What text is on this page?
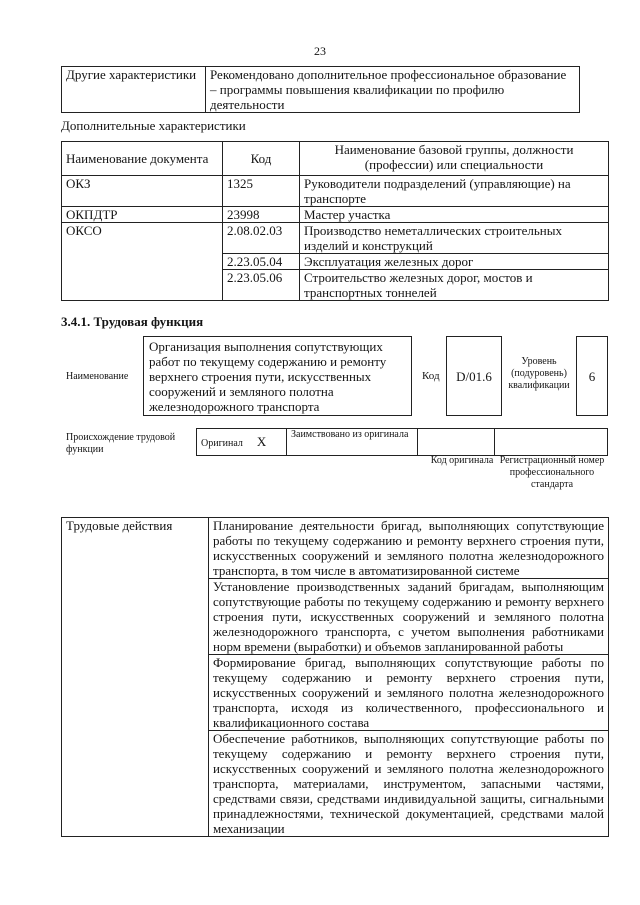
23
Другие характеристики	Рекомендовано дополнительное профессиональное образование – программы повышения квалификации по профилю деятельности
Дополнительные характеристики
Наименование документа	Код	Наименование базовой группы, должности (профессии) или специальности
ОКЗ	1325	Руководители подразделений (управляющие) на транспорте
ОКПДТР	23998	Мастер участка
ОКСО	2.08.02.03	Производство неметаллических строительных изделий и конструкций
	2.23.05.04	Эксплуатация железных дорог
	2.23.05.06	Строительство железных дорог, мостов и транспортных тоннелей
3.4.1. Трудовая функция
Наименование
Организация выполнения сопутствующих работ по текущему содержанию и ремонту верхнего строения пути, искусственных сооружений и земляного полотна железнодорожного транспорта
Код	D/01.6
Уровень (подуровень) квалификации
6
Происхождение трудовой функции
Оригинал X	Заимствовано из оригинала		
Код оригинала Регистрационный номер профессионального стандарта
Трудовые действия	Планирование деятельности бригад, выполняющих сопутствующие работы по текущему содержанию и ремонту верхнего строения пути, искусственных сооружений и земляного полотна железнодорожного транспорта, в том числе в автоматизированной системе
Установление производственных заданий бригадам, выполняющим сопутствующие работы по текущему содержанию и ремонту верхнего строения пути, искусственных сооружений и земляного полотна железнодорожного транспорта, с учетом выполнения работниками норм времени (выработки) и объемов запланированной работы
Формирование бригад, выполняющих сопутствующие работы по текущему содержанию и ремонту верхнего строения пути, искусственных сооружений и земляного полотна железнодорожного транспорта, исходя из количественного, профессионального и квалификационного состава
Обеспечение работников, выполняющих сопутствующие работы по текущему содержанию и ремонту верхнего строения пути, искусственных сооружений и земляного полотна железнодорожного транспорта, материалами, инструментом, запасными частями, средствами связи, средствами индивидуальной защиты, сигнальными принадлежностями, технической документацией, средствами малой механизации
